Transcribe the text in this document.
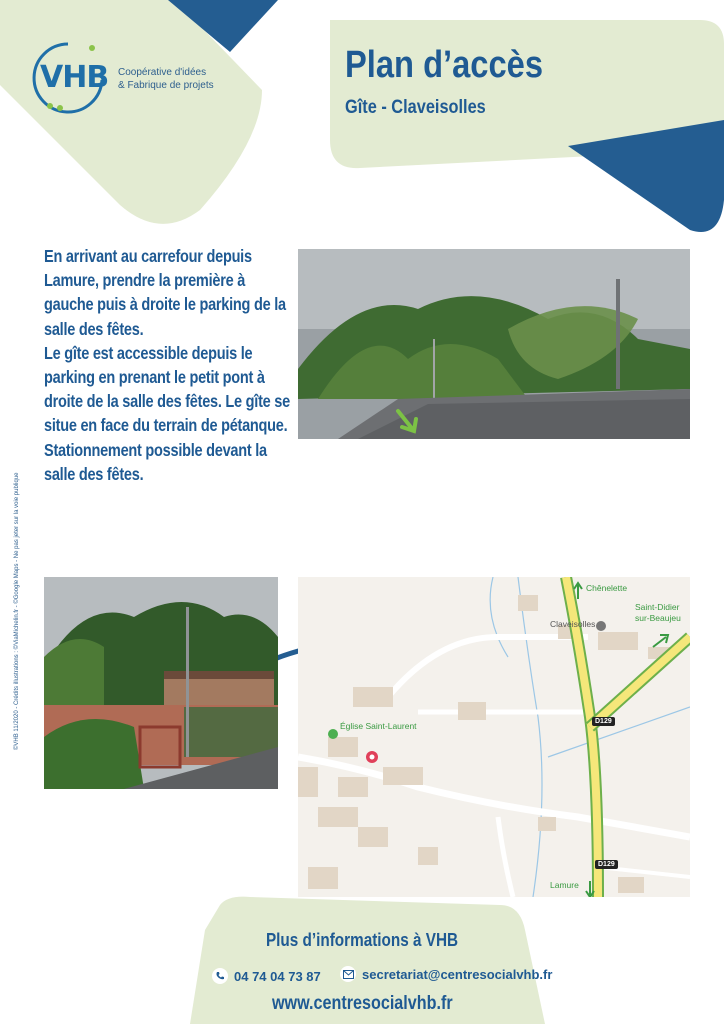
VHB Coopérative d'idées
& Fabrique de projets	Plan d’accès
Gîte - Claveisolles

En arrivant au carrefour depuis

Lamure, prendre la première à

gauche puis à droite le parking de la

salle des fêtes.

Le gîte est accessible depuis le

parking en prenant le petit pont à

droite de la salle des fêtes. Le gîte se

situe en face du terrain de pétanque.

Stationnement possible devant la

salle des fêtes.

Chênelette
Saint-Didier
sur-Beaujeu
Claveisolles
Église Saint-Laurent
Lamure
D129
D129
©VHB 11/2020 - Crédits illustrations : ©ViaMichelin.fr - ©Google Maps - Ne pas jeter sur la voie publique
Plus d’informations à VHB
04 74 04 73 87	secretariat@centresocialvhb.fr
www.centresocialvhb.fr
